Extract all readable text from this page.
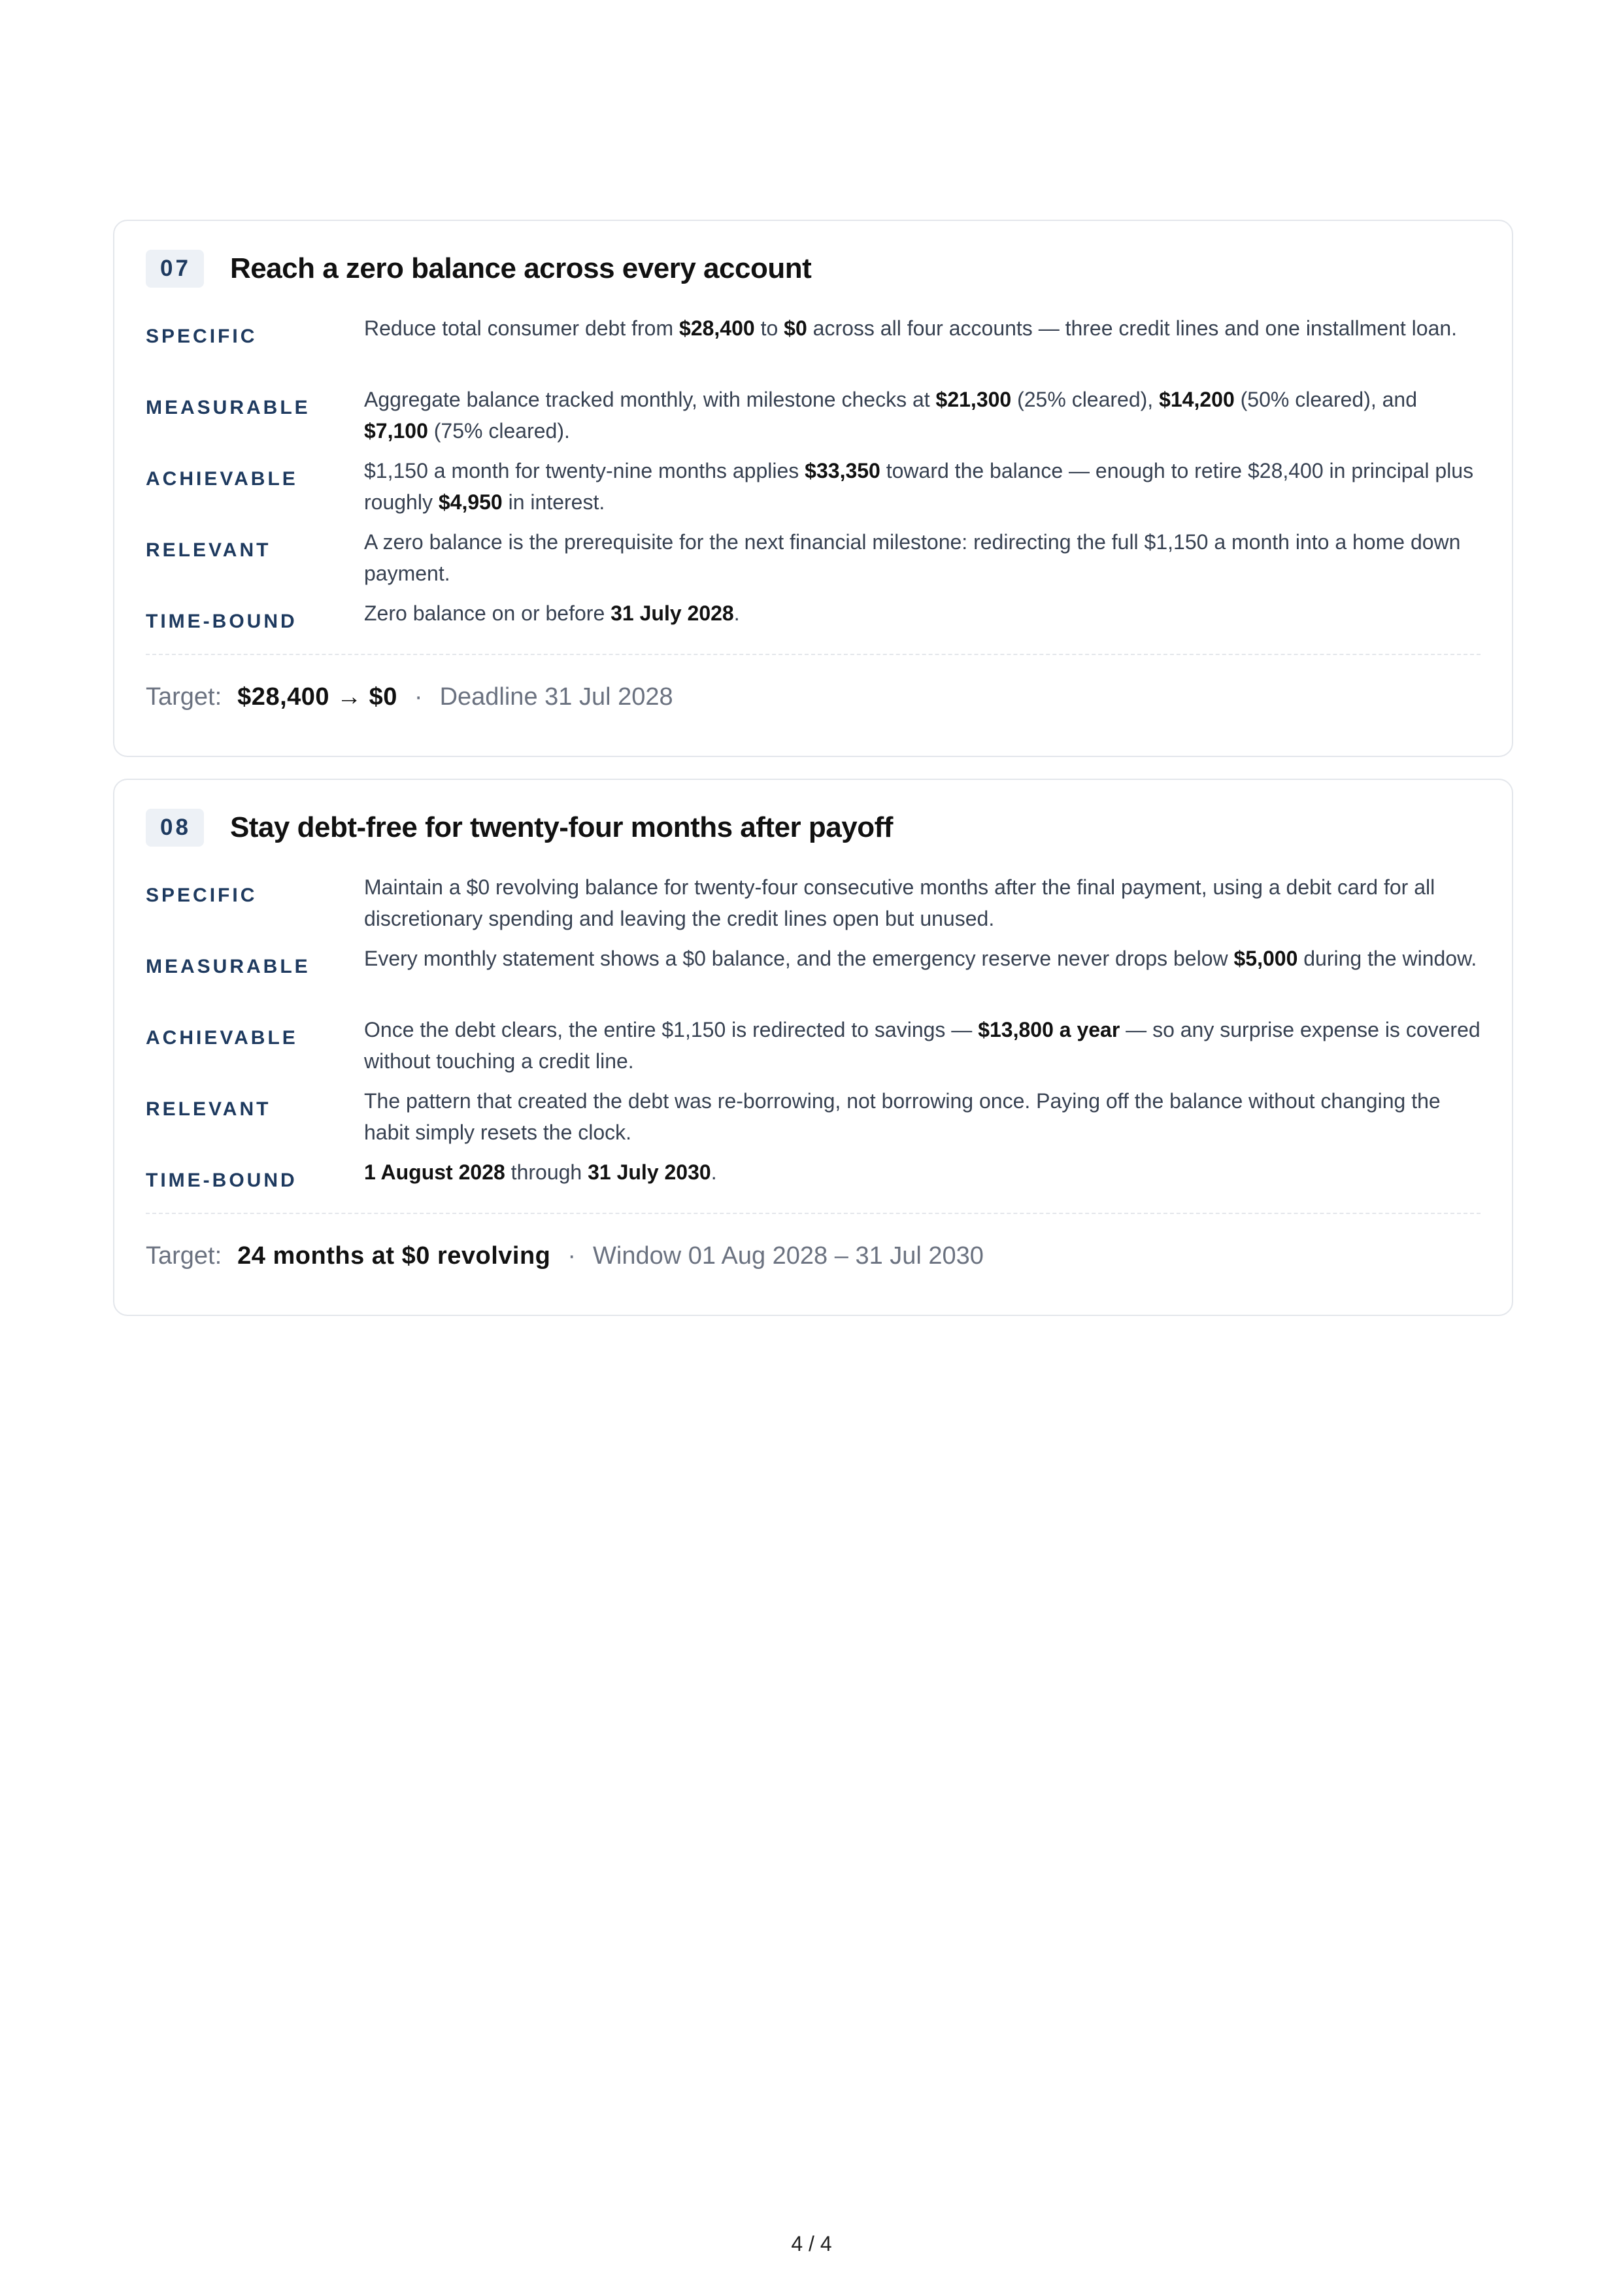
07	Reach a zero balance across every account
SPECIFIC	Reduce total consumer debt from $28,400 to $0 across all four accounts — three credit lines and one installment loan.
MEASURABLE	Aggregate balance tracked monthly, with milestone checks at $21,300 (25% cleared), $14,200 (50% cleared), and $7,100 (75% cleared).
ACHIEVABLE	$1,150 a month for twenty-nine months applies $33,350 toward the balance — enough to retire $28,400 in principal plus roughly $4,950 in interest.
RELEVANT	A zero balance is the prerequisite for the next financial milestone: redirecting the full $1,150 a month into a home down payment.
TIME-BOUND	Zero balance on or before 31 July 2028.
Target: $28,400 → $0 · Deadline 31 Jul 2028
08	Stay debt-free for twenty-four months after payoff
SPECIFIC	Maintain a $0 revolving balance for twenty-four consecutive months after the final payment, using a debit card for all discretionary spending and leaving the credit lines open but unused.
MEASURABLE	Every monthly statement shows a $0 balance, and the emergency reserve never drops below $5,000 during the window.
ACHIEVABLE	Once the debt clears, the entire $1,150 is redirected to savings — $13,800 a year — so any surprise expense is covered without touching a credit line.
RELEVANT	The pattern that created the debt was re-borrowing, not borrowing once. Paying off the balance without changing the habit simply resets the clock.
TIME-BOUND	1 August 2028 through 31 July 2030.
Target: 24 months at $0 revolving · Window 01 Aug 2028 – 31 Jul 2030
4 / 4
